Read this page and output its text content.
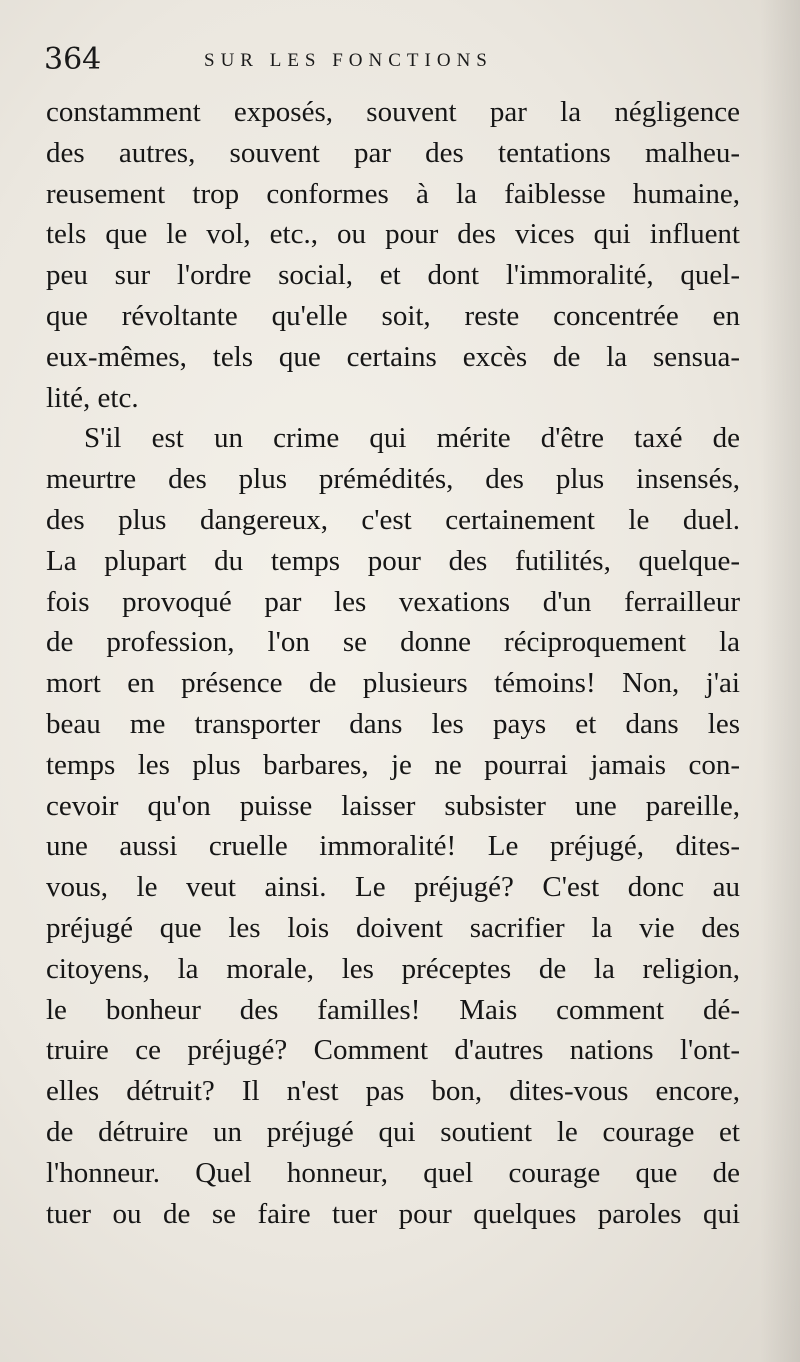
364	SUR LES FONCTIONS
constamment exposés, souvent par la négligence
des autres, souvent par des tentations malheu-
reusement trop conformes à la faiblesse humaine,
tels que le vol, etc., ou pour des vices qui influent
peu sur l'ordre social, et dont l'immoralité, quel-
que révoltante qu'elle soit, reste concentrée en
eux-mêmes, tels que certains excès de la sensua-
lité, etc.
S'il est un crime qui mérite d'être taxé de
meurtre des plus prémédités, des plus insensés,
des plus dangereux, c'est certainement le duel.
La plupart du temps pour des futilités, quelque-
fois provoqué par les vexations d'un ferrailleur
de profession, l'on se donne réciproquement la
mort en présence de plusieurs témoins! Non, j'ai
beau me transporter dans les pays et dans les
temps les plus barbares, je ne pourrai jamais con-
cevoir qu'on puisse laisser subsister une pareille,
une aussi cruelle immoralité! Le préjugé, dites-
vous, le veut ainsi. Le préjugé? C'est donc au
préjugé que les lois doivent sacrifier la vie des
citoyens, la morale, les préceptes de la religion,
le bonheur des familles! Mais comment dé-
truire ce préjugé? Comment d'autres nations l'ont-
elles détruit? Il n'est pas bon, dites-vous encore,
de détruire un préjugé qui soutient le courage et
l'honneur. Quel honneur, quel courage que de
tuer ou de se faire tuer pour quelques paroles qui
